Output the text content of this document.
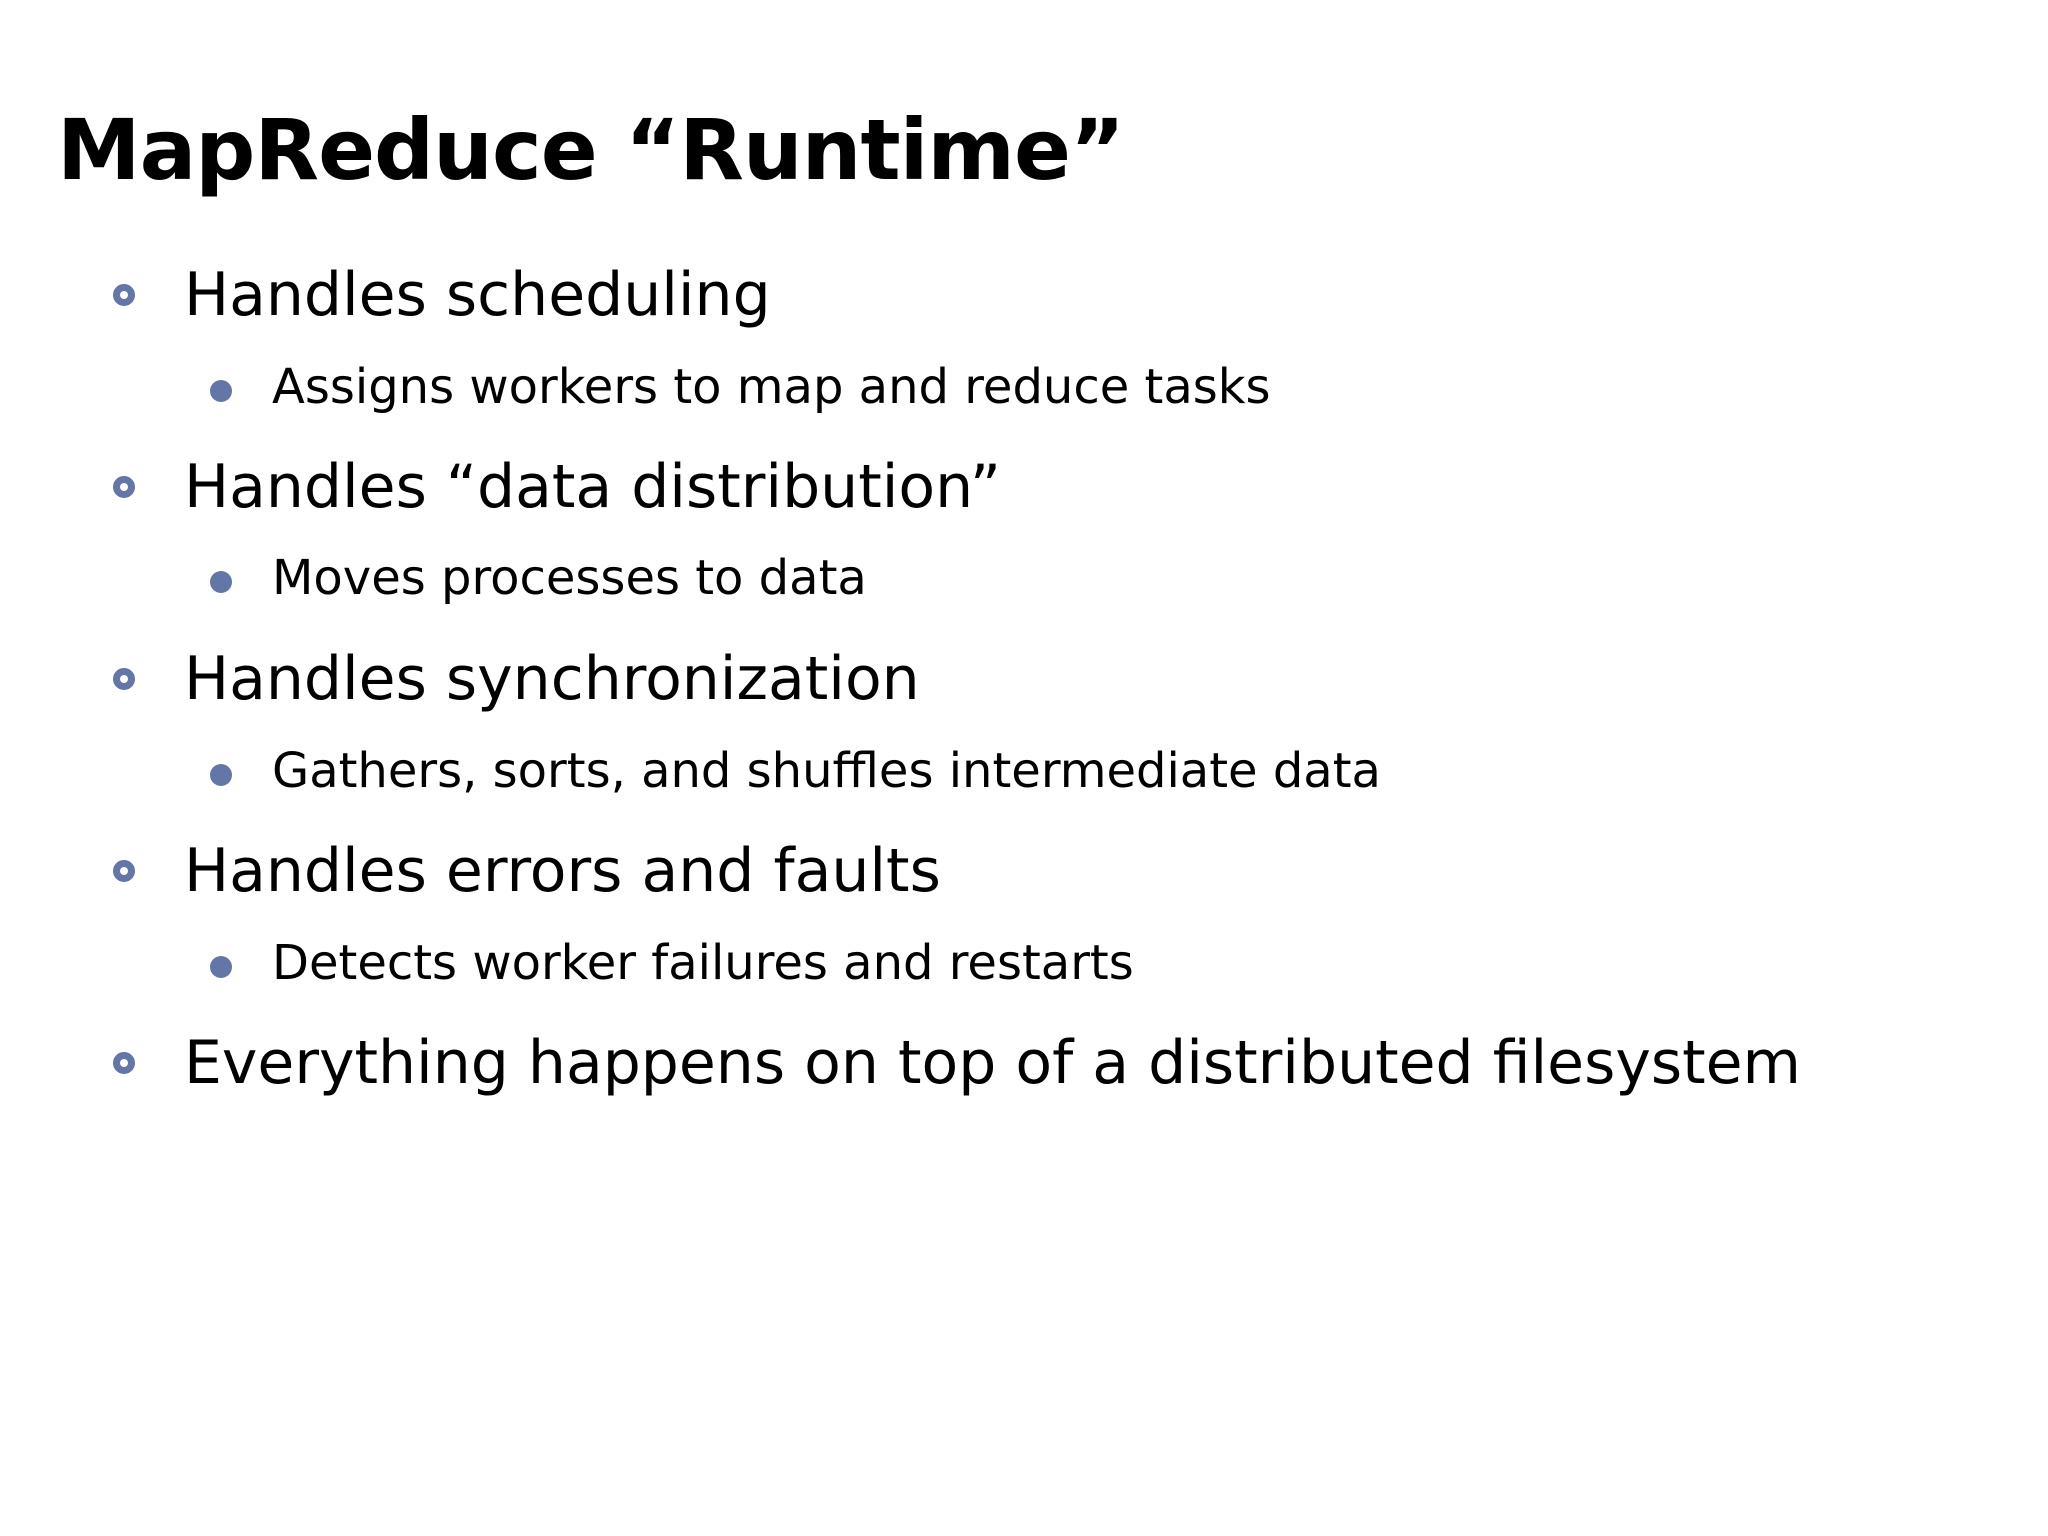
MapReduce “Runtime”
Handles scheduling
Assigns workers to map and reduce tasks
Handles “data distribution”
Moves processes to data
Handles synchronization
Gathers, sorts, and shuffles intermediate data
Handles errors and faults
Detects worker failures and restarts
Everything happens on top of a distributed filesystem
